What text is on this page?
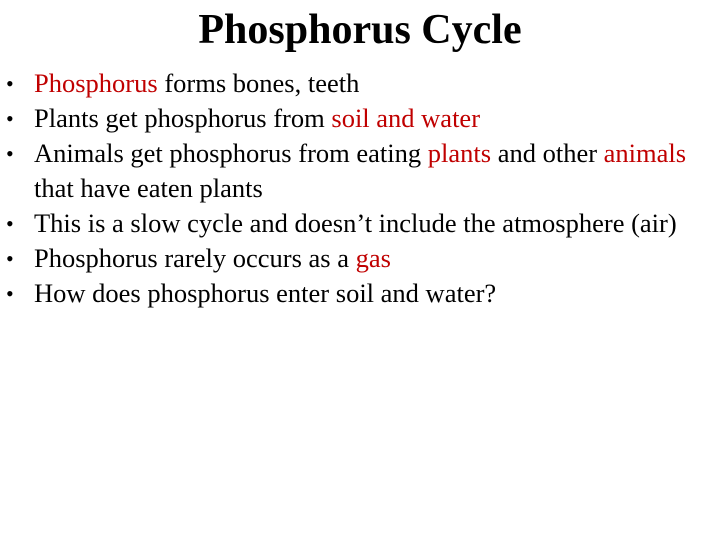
Phosphorus Cycle
• Phosphorus forms bones, teeth
• Plants get phosphorus from soil and water
• Animals get phosphorus from eating plants and other animals that have eaten plants
• This is a slow cycle and doesn’t include the atmosphere (air)
• Phosphorus rarely occurs as a gas
• How does phosphorus enter soil and water?
